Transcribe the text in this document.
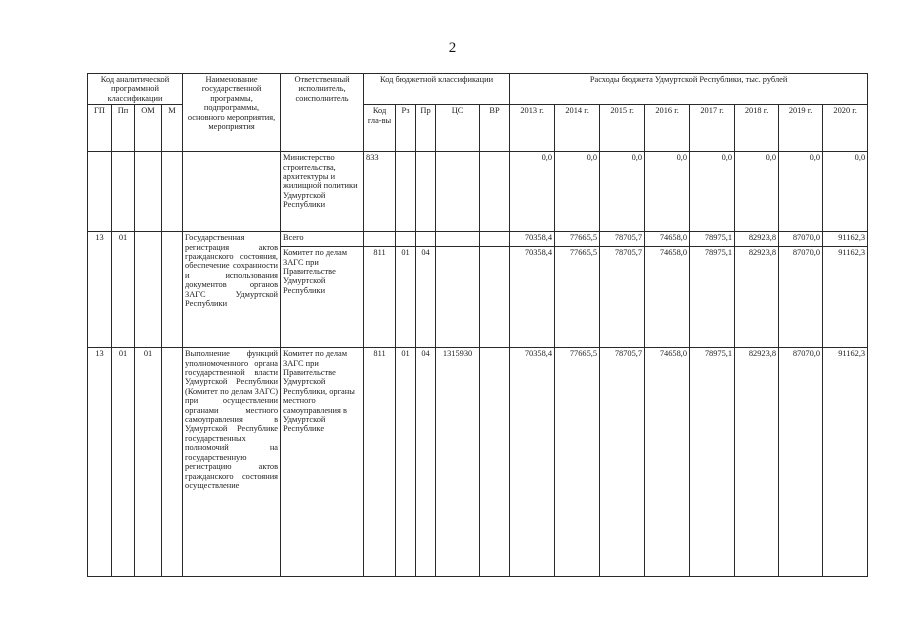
2
Код аналитической программной классификации				Наименование государственной программы, подпрограммы, основного мероприятия, мероприятия	Ответственный исполнитель, соисполнитель	Код бюджетной классификации					Расходы бюджета Удмуртской Республики, тыс. рублей							
ГП	Пп	ОМ	М			Код гла-вы	Рз	Пр	ЦС	ВР	2013 г.	2014 г.	2015 г.	2016 г.	2017 г.	2018 г.	2019 г.	2020 г.
					Министерство строительства, архитектуры и жилищной политики Удмуртской Республики	833					0,0	0,0	0,0	0,0	0,0	0,0	0,0	0,0
13	01			Государственная регистрация актов гражданского состояния, обеспечение сохранности и использования документов органов ЗАГС Удмуртской Республики	Всего						70358,4	77665,5	78705,7	74658,0	78975,1	82923,8	87070,0	91162,3
					Комитет по делам ЗАГС при Правительстве Удмуртской Республики	811	01	04			70358,4	77665,5	78705,7	74658,0	78975,1	82923,8	87070,0	91162,3
13	01	01		Выполнение функций уполномоченного органа государственной власти Удмуртской Республики (Комитет по делам ЗАГС) при осуществлении органами местного самоуправления в Удмуртской Республике государственных полномочий на государственную регистрацию актов гражданского состояния осуществление	Комитет по делам ЗАГС при Правительстве Удмуртской Республики, органы местного самоуправления в Удмуртской Республике	811	01	04	1315930		70358,4	77665,5	78705,7	74658,0	78975,1	82923,8	87070,0	91162,3
